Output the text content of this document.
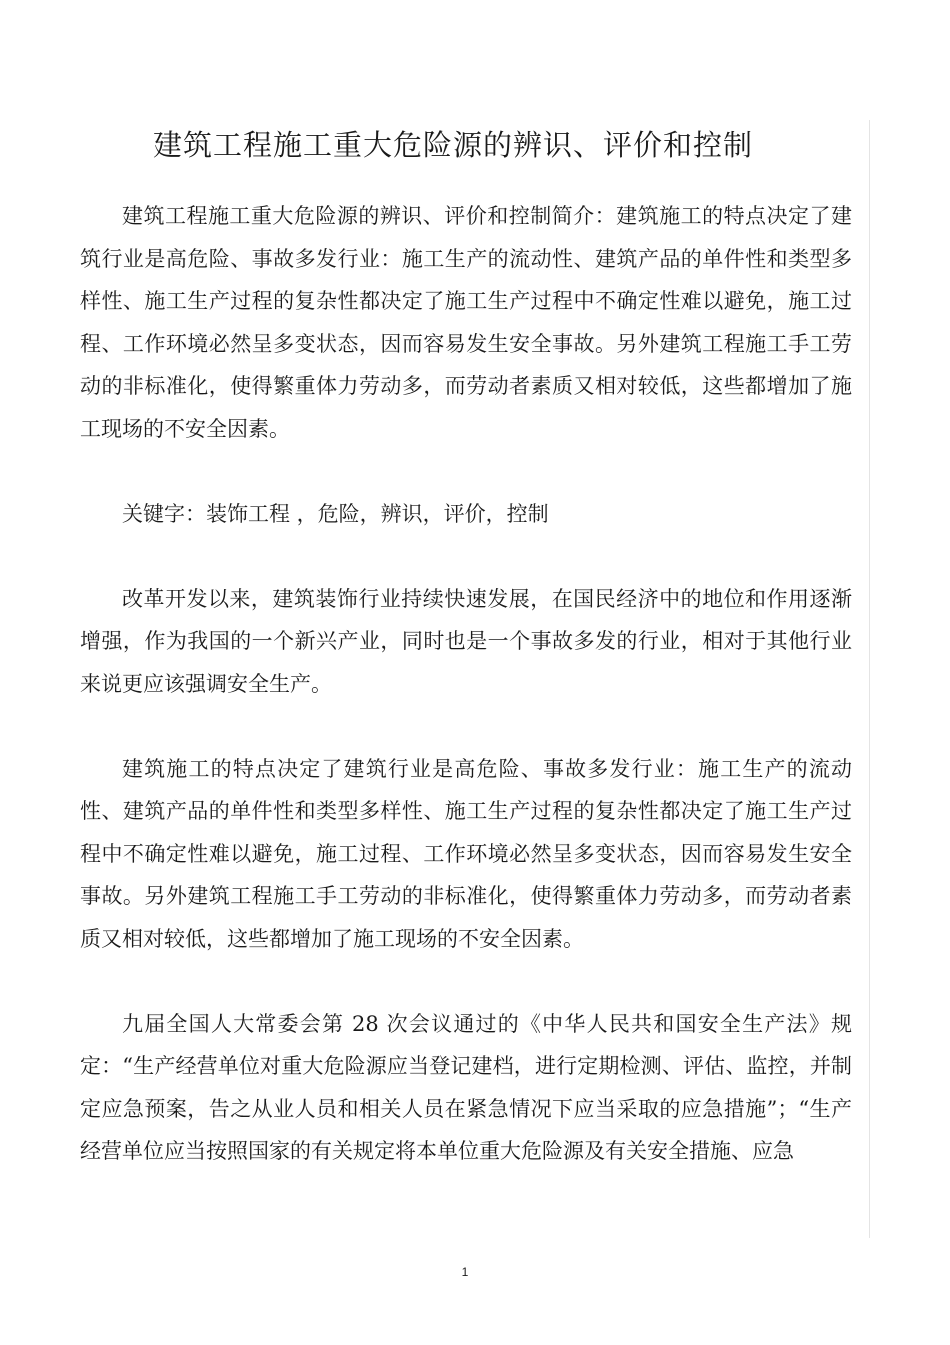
建筑工程施工重大危险源的辨识、评价和控制

建筑工程施工重大危险源的辨识、评价和控制简介：建筑施工的特点决定了建筑行业是高危险、事故多发行业：施工生产的流动性、建筑产品的单件性和类型多样性、施工生产过程的复杂性都决定了施工生产过程中不确定性难以避免，施工过程、工作环境必然呈多变状态，因而容易发生安全事故。另外建筑工程施工手工劳动的非标准化，使得繁重体力劳动多，而劳动者素质又相对较低，这些都增加了施工现场的不安全因素。

关键字：装饰工程 ，危险，辨识，评价，控制

改革开发以来，建筑装饰行业持续快速发展，在国民经济中的地位和作用逐渐增强，作为我国的一个新兴产业，同时也是一个事故多发的行业，相对于其他行业来说更应该强调安全生产。

建筑施工的特点决定了建筑行业是高危险、事故多发行业：施工生产的流动性、建筑产品的单件性和类型多样性、施工生产过程的复杂性都决定了施工生产过程中不确定性难以避免，施工过程、工作环境必然呈多变状态，因而容易发生安全事故。另外建筑工程施工手工劳动的非标准化，使得繁重体力劳动多，而劳动者素质又相对较低，这些都增加了施工现场的不安全因素。

九届全国人大常委会第 28 次会议通过的《中华人民共和国安全生产法》规定：“生产经营单位对重大危险源应当登记建档，进行定期检测、评估、监控，并制定应急预案，告之从业人员和相关人员在紧急情况下应当采取的应急措施”；“生产经营单位应当按照国家的有关规定将本单位重大危险源及有关安全措施、应急

1
